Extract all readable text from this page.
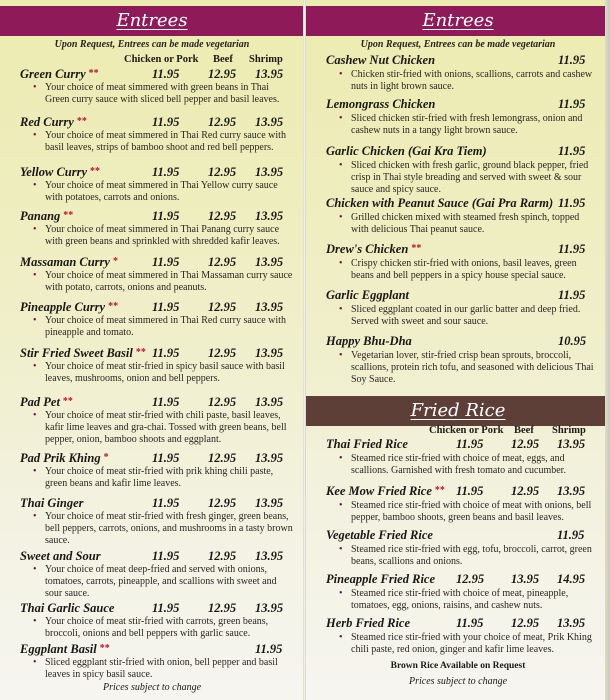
Entrees
Upon Request, Entrees can be made vegetarian
Chicken or Pork Beef Shrimp
Green Curry **	11.95 12.95 13.95
• Your choice of meat simmered with green beans in Thai Green curry sauce with sliced bell pepper and basil leaves.
Red Curry **	11.95 12.95 13.95
• Your choice of meat simmered in Thai Red curry sauce with basil leaves, strips of bamboo shoot and red bell peppers.
Yellow Curry **	11.95 12.95 13.95
• Your choice of meat simmered in Thai Yellow curry sauce with potatoes, carrots and onions.
Panang **	11.95 12.95 13.95
• Your choice of meat simmered in Thai Panang curry sauce with green beans and sprinkled with shredded kafir leaves.
Massaman Curry *	11.95 12.95 13.95
• Your choice of meat simmered in Thai Massaman curry sauce with potato, carrots, onions and peanuts.
Pineapple Curry **	11.95 12.95 13.95
• Your choice of meat simmered in Thai Red curry sauce with pineapple and tomato.
Stir Fried Sweet Basil ** 11.95 12.95 13.95
• Your choice of meat stir-fried in spicy basil sauce with basil leaves, mushrooms, onion and bell peppers.
Pad Pet **	11.95 12.95 13.95
• Your choice of meat stir-fried with chili paste, basil leaves, kafir lime leaves and gra-chai. Tossed with green beans, bell pepper, onion, bamboo shoots and eggplant.
Pad Prik Khing *	11.95 12.95 13.95
• Your choice of meat stir-fried with prik khing chili paste, green beans and kafir lime leaves.
Thai Ginger	11.95 12.95 13.95
• Your choice of meat stir-fried with fresh ginger, green beans, bell peppers, carrots, onions, and mushrooms in a tasty brown sauce.
Sweet and Sour	11.95 12.95 13.95
• Your choice of meat deep-fried and served with onions, tomatoes, carrots, pineapple, and scallions with sweet and sour sauce.
Thai Garlic Sauce	11.95 12.95 13.95
• Your choice of meat stir-fried with carrots, green beans, broccoli, onions and bell peppers with garlic sauce.
Eggplant Basil **	11.95
• Sliced eggplant stir-fried with onion, bell pepper and basil leaves in spicy basil sauce.
Prices subject to change
Entrees
Upon Request, Entrees can be made vegetarian
Cashew Nut Chicken	11.95
• Chicken stir-fried with onions, scallions, carrots and cashew nuts in light brown sauce.
Lemongrass Chicken	11.95
• Sliced chicken stir-fried with fresh lemongrass, onion and cashew nuts in a tangy light brown sauce.
Garlic Chicken (Gai Kra Tiem)	11.95
• Sliced chicken with fresh garlic, ground black pepper, fried crisp in Thai style breading and served with sweet & sour sauce and spicy sauce.
Chicken with Peanut Sauce (Gai Pra Rarm) 11.95
• Grilled chicken mixed with steamed fresh spinch, topped with delicious Thai peanut sauce.
Drew's Chicken **	11.95
• Crispy chicken stir-fried with onions, basil leaves, green beans and bell peppers in a spicy house special sauce.
Garlic Eggplant	11.95
• Sliced eggplant coated in our garlic batter and deep fried. Served with sweet and sour sauce.
Happy Bhu-Dha	10.95
• Vegetarian lover, stir-fried crisp bean sprouts, broccoli, scallions, protein rich tofu, and seasoned with delicious Thai Soy Sauce.
Fried Rice
Chicken or Pork Beef Shrimp
Thai Fried Rice	11.95 12.95 13.95
• Steamed rice stir-fried with choice of meat, eggs, and scallions. Garnished with fresh tomato and cucumber.
Kee Mow Fried Rice ** 11.95 12.95 13.95
• Steamed rice stir-fried with choice of meat with onions, bell pepper, bamboo shoots, green beans and basil leaves.
Vegetable Fried Rice	11.95
• Steamed rice stir-fried with egg, tofu, broccoli, carrot, green beans, scallions and onions.
Pineapple Fried Rice 12.95 13.95 14.95
• Steamed rice stir-fried with choice of meat, pineapple, tomatoes, egg, onions, raisins, and cashew nuts.
Herb Fried Rice	11.95 12.95 13.95
• Steamed rice stir-fried with your choice of meat, Prik Khing chili paste, red onion, ginger and kafir lime leaves.
Brown Rice Available on Request
Prices subject to change
